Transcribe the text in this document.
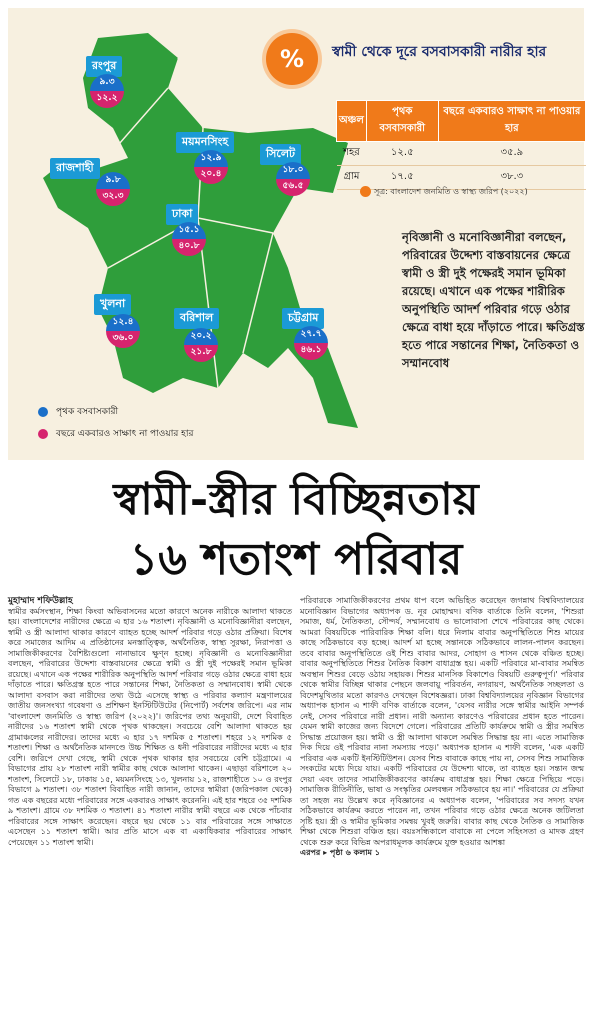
রংপুর
৯.৩
১২.২
রাজশাহী
৯.৮
৩২.৩
ময়মনসিংহ
১২.৯
২০.৪
সিলেট
১৮.০
৫৬.৫
ঢাকা
১৫.১
৪০.৮
খুলনা
১২.৪
৩৬.০
বরিশাল
২০.২
২১.৮
চট্টগ্রাম
২৭.৭
৪৬.১
%	স্বামী থেকে দূরে বসবাসকারী নারীর হার
অঞ্চল	পৃথক বসবাসকারী	বছরে একবারও সাক্ষাৎ না পাওয়ার হার
শহর	১২.৫	৩৫.৯
গ্রাম	১৭.৫	৩৮.৩
সূত্র: বাংলাদেশ জনমিতি ও স্বাস্থ্য জরিপ (২০২২)
নৃবিজ্ঞানী ও মনোবিজ্ঞানীরা বলছেন, পরিবারের উদ্দেশ্য বাস্তবায়নের ক্ষেত্রে স্বামী ও স্ত্রী দুই পক্ষেরই সমান ভূমিকা রয়েছে। এখানে এক পক্ষের শারীরিক অনুপস্থিতি আদর্শ পরিবার গড়ে ওঠার ক্ষেত্রে বাধা হয়ে দাঁড়াতে পারে। ক্ষতিগ্রস্ত হতে পারে সন্তানের শিক্ষা, নৈতিকতা ও সম্মানবোধ
পৃথক বসবাসকারী
বছরে একবারও সাক্ষাৎ না পাওয়ার হার
স্বামী-স্ত্রীর বিচ্ছিন্নতায়
১৬ শতাংশ পরিবার
মুহাম্মাদ শফিউল্লাহ
স্বামীর কর্মসংস্থান, শিক্ষা কিংবা অভিবাসনের মতো কারণে অনেক নারীকে আলাদা থাকতে হয়। বাংলাদেশের নারীদের ক্ষেত্রে এ হার ১৬ শতাংশ। নৃবিজ্ঞানী ও মনোবিজ্ঞানীরা বলছেন, স্বামী ও স্ত্রী আলাদা থাকার কারণে ব্যাহত হচ্ছে আদর্শ পরিবার গড়ে ওঠার প্রক্রিয়া। বিশেষ করে সমাজের আদিম এ প্রতিষ্ঠানের মনস্তাত্ত্বিক, অর্থনৈতিক, স্বাস্থ্য সুরক্ষা, নিরাপত্তা ও সামাজিকীকরণের বৈশিষ্ট্যগুলো নানাভাবে ক্ষুণ্ন হচ্ছে। নৃবিজ্ঞানী ও মনোবিজ্ঞানীরা বলছেন, পরিবারের উদ্দেশ্য বাস্তবায়নের ক্ষেত্রে স্বামী ও স্ত্রী দুই পক্ষেরই সমান ভূমিকা রয়েছে। এখানে এক পক্ষের শারীরিক অনুপস্থিতি আদর্শ পরিবার গড়ে ওঠার ক্ষেত্রে বাধা হয়ে দাঁড়াতে পারে। ক্ষতিগ্রস্ত হতে পারে সন্তানের শিক্ষা, নৈতিকতা ও সম্মানবোধ। স্বামী থেকে আলাদা বসবাস করা নারীদের তথ্য উঠে এসেছে স্বাস্থ্য ও পরিবার কল্যাণ মন্ত্রণালয়ের জাতীয় জনসংখ্যা গবেষণা ও প্রশিক্ষণ ইনস্টিটিউটের (নিপোর্ট) সর্বশেষ জরিপে। এর নাম 'বাংলাদেশ জনমিতি ও স্বাস্থ্য জরিপ (২০২২)'। জরিপের তথ্য অনুযায়ী, দেশে বিবাহিত নারীদের ১৬ শতাংশ স্বামী থেকে পৃথক থাকছেন। সবচেয়ে বেশি আলাদা থাকতে হয় গ্রামাঞ্চলের নারীদের। তাদের মধ্যে এ হার ১৭ দশমিক ৫ শতাংশ। শহরে ১২ দশমিক ৫ শতাংশ। শিক্ষা ও অর্থনৈতিক মানদণ্ডে উচ্চ শিক্ষিত ও ধনী পরিবারের নারীদের মধ্যে এ হার বেশি। জরিপে দেখা গেছে, স্বামী থেকে পৃথক থাকার হার সবচেয়ে বেশি চট্টগ্রামে। এ বিভাগের প্রায় ২৮ শতাংশ নারী স্বামীর কাছ থেকে আলাদা থাকেন। এছাড়া বরিশালে ২০ শতাংশ, সিলেটে ১৮, ঢাকায় ১৫, ময়মনসিংহে ১৩, খুলনায় ১২, রাজশাহীতে ১০ ও রংপুর বিভাগে ৯ শতাংশ। ৩৮ শতাংশ বিবাহিত নারী জানান, তাদের স্বামীরা (জরিপকাল থেকে) গত এক বছরের মধ্যে পরিবারের সঙ্গে একবারও সাক্ষাৎ করেননি। এই হার শহরে ৩৫ দশমিক ৯ শতাংশ। গ্রামে ৩৮ দশমিক ৩ শতাংশ। ৪১ শতাংশ নারীর স্বামী বছরে এক থেকে পাঁচবার পরিবারের সঙ্গে সাক্ষাৎ করেছেন। বছরে ছয় থেকে ১১ বার পরিবারের সঙ্গে সাক্ষাতে এসেছেন ১১ শতাংশ স্বামী। আর প্রতি মাসে এক বা একাধিকবার পরিবারের সাক্ষাৎ পেয়েছেন ১১ শতাংশ স্বামী।
পরিবারকে সামাজিকীকরণের প্রথম ধাপ বলে অভিহিত করেছেন জগন্নাথ বিশ্ববিদ্যালয়ের মনোবিজ্ঞান বিভাগের অধ্যাপক ড. নূর মোহাম্মদ। বণিক বার্তাকে তিনি বলেন, 'শিশুরা সমাজ, ধর্ম, নৈতিকতা, সৌন্দর্য, সম্মানবোধ ও ভালোবাসা শেখে পরিবারের কাছ থেকে। আমরা বিষয়টিকে পারিবারিক শিক্ষা বলি। ধরে নিলাম বাবার অনুপস্থিতিতে শিশু মায়ের কাছে সঠিকভাবে বড় হচ্ছে। আদর্শ মা হচ্ছে সন্তানকে সঠিকভাবে লালন-পালন করছেন। তবে বাবার অনুপস্থিতিতে ওই শিশু বাবার আদর, সোহাগ ও শাসন থেকে বঞ্চিত হচ্ছে। বাবার অনুপস্থিতিতে শিশুর নৈতিক বিকাশ বাধাগ্রস্ত হয়। একটি পরিবারে মা-বাবার সমন্বিত অবস্থান শিশুর বেড়ে ওঠায় সহায়ক। শিশুর মানসিক বিকাশেও বিষয়টি গুরুত্বপূর্ণ।' পরিবার থেকে স্বামীর বিচ্ছিন্ন থাকার পেছনে জলবায়ু পরিবর্তন, নগরায়ণ, অর্থনৈতিক সচ্ছলতা ও বিদেশমুখিতার মতো কারণও দেখছেন বিশেষজ্ঞরা। ঢাকা বিশ্ববিদ্যালয়ের নৃবিজ্ঞান বিভাগের অধ্যাপক হাসান এ শাফী বণিক বার্তাকে বলেন, 'যেসব নারীর সঙ্গে স্বামীর আইনি সম্পর্ক নেই, সেসব পরিবারে নারী প্রধান। নারী অন্যান্য কারণেও পরিবারের প্রধান হতে পারেন। যেমন স্বামী কাজের জন্য বিদেশে গেলে। পরিবারের প্রতিটি কার্যক্রমে স্বামী ও স্ত্রীর সমন্বিত সিদ্ধান্ত প্রয়োজন হয়। স্বামী ও স্ত্রী আলাদা থাকলে সমন্বিত সিদ্ধান্ত হয় না। এতে সামাজিক দিক দিয়ে ওই পরিবার নানা সমস্যায় পড়ে।' অধ্যাপক হাসান এ শাফী বলেন, 'এক একটি পরিবার এক একটি ইনস্টিটিউশন। যেসব শিশু বাবাকে কাছে পায় না, সেসব শিশু সামাজিক সংকটের মধ্যে দিয়ে যায়। একটি পরিবারের যে উদ্দেশ্য থাকে, তা ব্যাহত হয়। সন্তান জন্ম দেয়া এবং তাদের সামাজিকীকরণের কার্যক্রম বাধাগ্রস্ত হয়। শিক্ষা ক্ষেত্রে পিছিয়ে পড়ে। সামাজিক রীতিনীতি, ভাষা ও সংস্কৃতির মেলবন্ধন সঠিকভাবে হয় না।' পরিবারের যে প্রক্রিয়া তা সহজ নয় উল্লেখ করে নৃবিজ্ঞানের এ অধ্যাপক বলেন, 'পরিবারের সব সদস্য যখন সঠিকভাবে কার্যক্রম করতে পারেন না, তখন পরিবার গড়ে ওঠার ক্ষেত্রে অনেক জটিলতা সৃষ্টি হয়। স্ত্রী ও স্বামীর ভূমিকার সমন্বয় খুবই জরুরি। বাবার কাছ থেকে নৈতিক ও সামাজিক শিক্ষা থেকে শিশুরা বঞ্চিত হয়। বয়ঃসন্ধিকালে বাবাকে না পেলে সহিংসতা ও মাদক গ্রহণ থেকে শুরু করে বিভিন্ন অপরাধমূলক কার্যক্রমে যুক্ত হওয়ার আশঙ্কা
এরপর ▸ পৃষ্ঠা ৬ কলাম ১
